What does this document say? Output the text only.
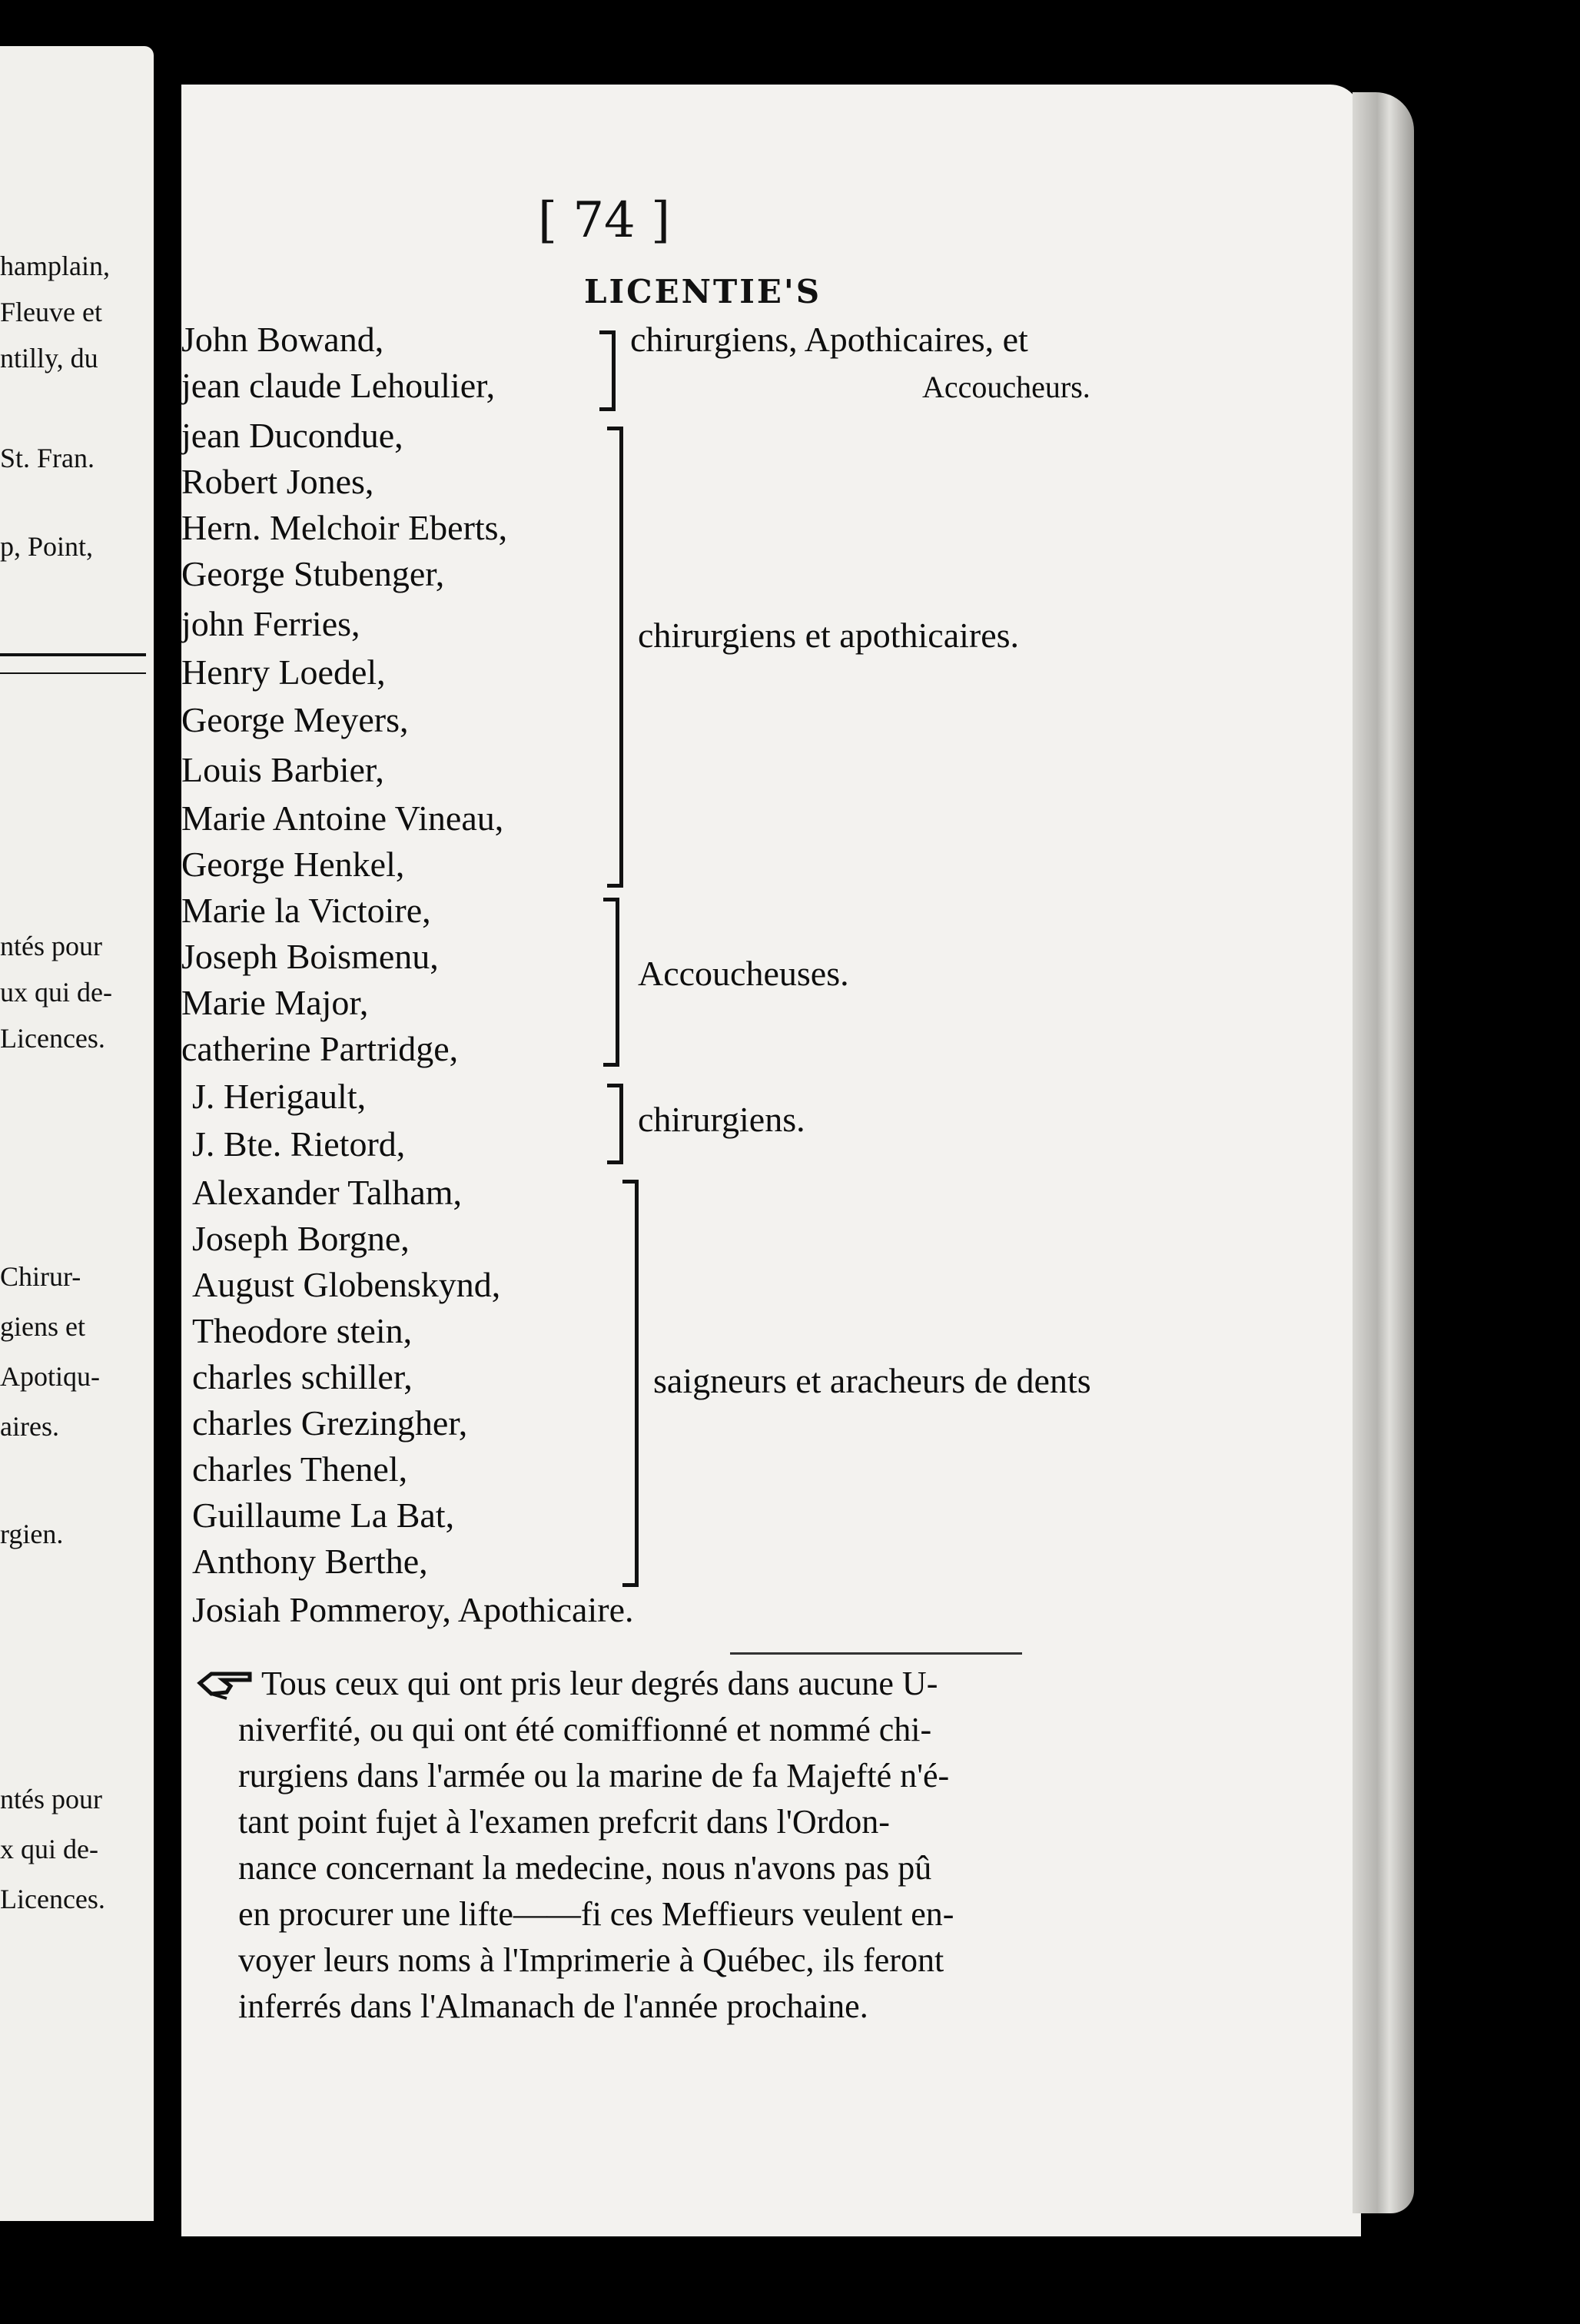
hamplain,
Fleuve et
ntilly, du
St. Fran.
p, Point,
ntés pour
ux qui de-
Licences.
Chirur-
giens et
Apotiqu-
aires.
rgien.
ntés pour
x qui de-
Licences.
[ 74 ]
LICENTIE'S
John Bowand,
jean claude Lehoulier,
chirurgiens, Apothicaires, et
Accoucheurs.
jean Ducondue,
Robert Jones,
Hern. Melchoir Eberts,
George Stubenger,
john Ferries,
Henry Loedel,
George Meyers,
Louis Barbier,
Marie Antoine Vineau,
George Henkel,
chirurgiens et apothicaires.
Marie la Victoire,
Joseph Boismenu,
Marie Major,
catherine Partridge,
Accoucheuses.
J. Herigault,
J. Bte. Rietord,
chirurgiens.
Alexander Talham,
Joseph Borgne,
August Globenskynd,
Theodore stein,
charles schiller,
charles Grezingher,
charles Thenel,
Guillaume La Bat,
Anthony Berthe,
saigneurs et aracheurs de dents
Josiah Pommeroy, Apothicaire.
Tous ceux qui ont pris leur degrés dans aucune U-
niverfité, ou qui ont été comiffionné et nommé chi-
rurgiens dans l'armée ou la marine de fa Majefté n'é-
tant point fujet à l'examen prefcrit dans l'Ordon-
nance concernant la medecine, nous n'avons pas pû
en procurer une lifte——fi ces Meffieurs veulent en-
voyer leurs noms à l'Imprimerie à Québec, ils feront
inferrés dans l'Almanach de l'année prochaine.
